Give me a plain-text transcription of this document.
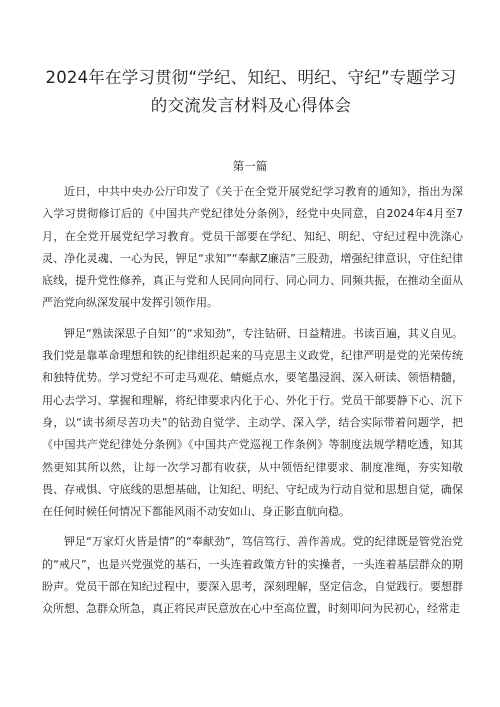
2024年在学习贯彻“学纪、知纪、明纪、守纪”专题学习的交流发言材料及心得体会
第一篇

近日，中共中央办公厅印发了《关于在全党开展党纪学习教育的通知》，指出为深入学习贯彻修订后的《中国共产党纪律处分条例》，经党中央同意，自2024年4月至7月，在全党开展党纪学习教育。党员干部要在学纪、知纪、明纪、守纪过程中洗涤心灵、净化灵魂、一心为民，钾足“求知”“奉献Z廉洁”三股劲，增强纪律意识，守住纪律底线，提升党性修养，真正与党和人民同向同行、同心同力、同频共振，在推动全面从严治党向纵深发展中发挥引领作用。

钾足“熟读深思子自知’’的“求知劲”，专注钻研、日益精进。书读百遍，其义自见。我们党是靠革命理想和铁的纪律组织起来的马克思主义政党，纪律严明是党的光荣传统和独特优势。学习党纪不可走马观花、蜻蜓点水，要笔墨浸润、深入研读、领悟精髓，用心去学习、掌握和理解，将纪律要求内化于心、外化于行。党员干部要静下心、沉下身，以“读书须尽苦功夫”的钻劲自觉学、主动学、深入学，结合实际带着问题学，把《中国共产党纪律处分条例》《中国共产党巡视工作条例》等制度法规学精吃透，知其然更知其所以然，让每一次学习都有收获，从中领悟纪律要求、制度准绳，夯实知敬畏、存戒惧、守底线的思想基础，让知纪、明纪、守纪成为行动自觉和思想自觉，确保在任何时候任何情况下都能风雨不动安如山、身正影直航向稳。

钾足“万家灯火皆是情”的“奉献劲”，笃信笃行、善作善成。党的纪律既是管党治党的“戒尺”，也是兴党强党的基石，一头连着政策方针的实操者，一头连着基层群众的期盼声。党员干部在知纪过程中，要深入思考，深刻理解，坚定信念，自觉践行。要想群众所想、急群众所急，真正将民声民意放在心中至高位置，时刻叩问为民初心，经常走
